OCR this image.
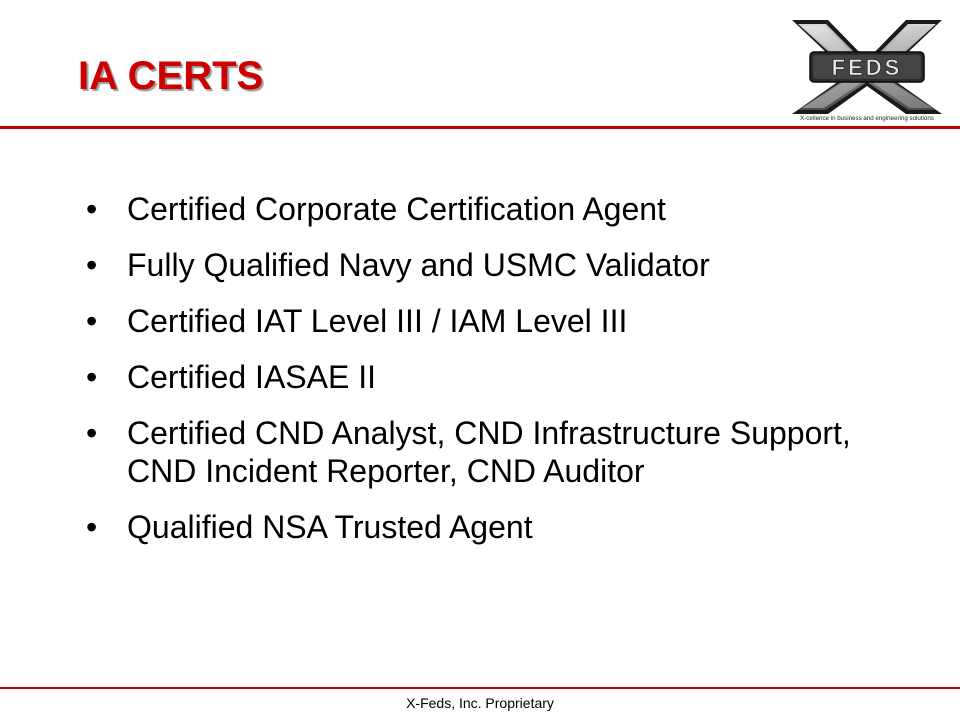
IA CERTS	FEDS
X-cellence in business and engineering solutions
• Certified Corporate Certification Agent
• Fully Qualified Navy and USMC Validator
• Certified IAT Level III / IAM Level III
• Certified IASAE II
• Certified CND Analyst, CND Infrastructure Support, CND Incident Reporter, CND Auditor
• Qualified NSA Trusted Agent
X-Feds, Inc. Proprietary
